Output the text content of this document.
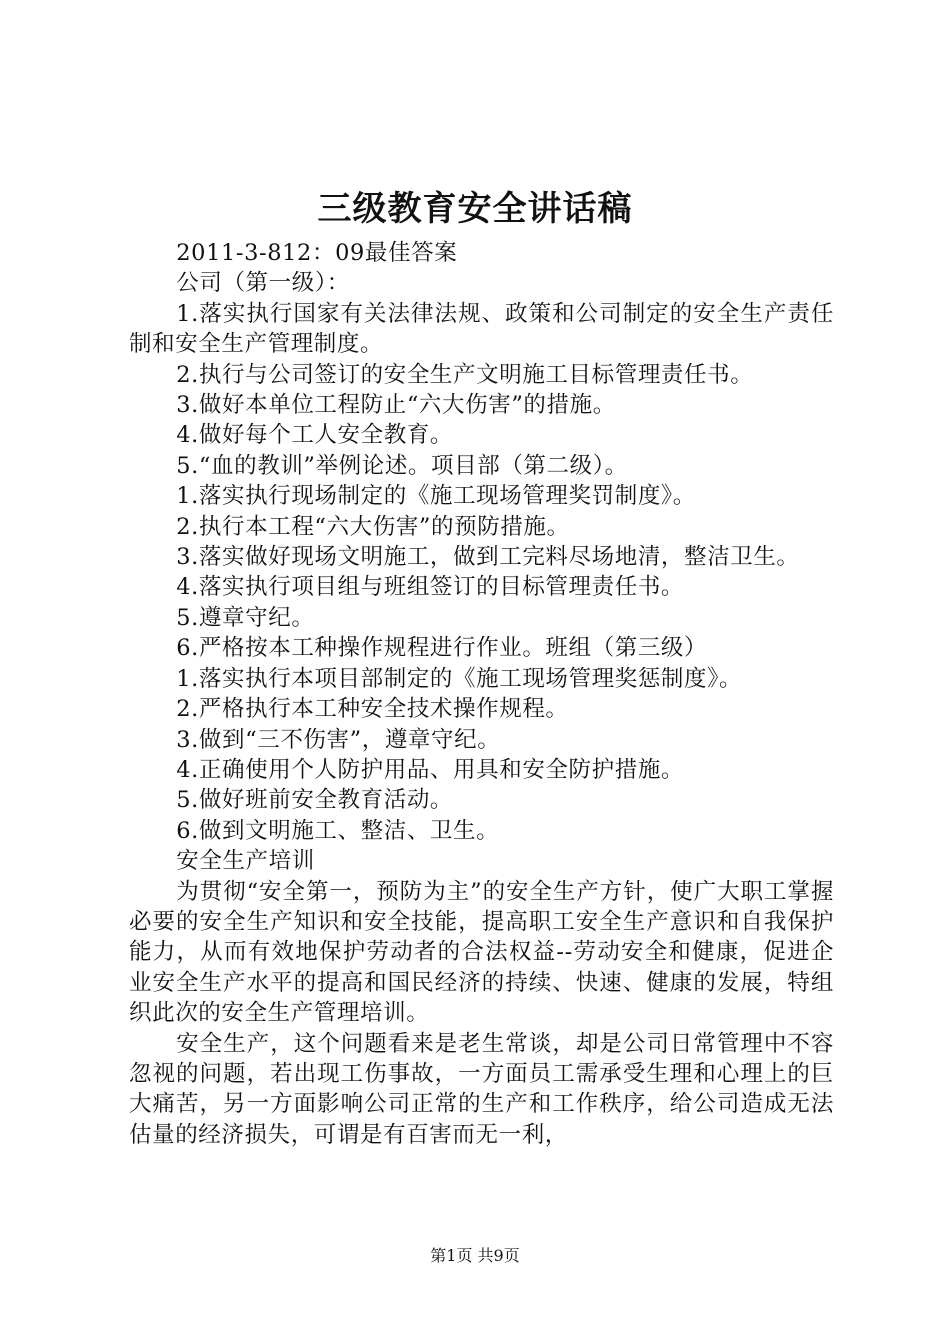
三级教育安全讲话稿

2011-3-812：09最佳答案

公司（第一级）：

1.落实执行国家有关法律法规、政策和公司制定的安全生产责任制和安全生产管理制度。

2.执行与公司签订的安全生产文明施工目标管理责任书。

3.做好本单位工程防止“六大伤害”的措施。

4.做好每个工人安全教育。

5.“血的教训”举例论述。项目部（第二级）。

1.落实执行现场制定的《施工现场管理奖罚制度》。

2.执行本工程“六大伤害”的预防措施。

3.落实做好现场文明施工，做到工完料尽场地清，整洁卫生。

4.落实执行项目组与班组签订的目标管理责任书。

5.遵章守纪。

6.严格按本工种操作规程进行作业。班组（第三级）

1.落实执行本项目部制定的《施工现场管理奖惩制度》。

2.严格执行本工种安全技术操作规程。

3.做到“三不伤害”，遵章守纪。

4.正确使用个人防护用品、用具和安全防护措施。

5.做好班前安全教育活动。

6.做到文明施工、整洁、卫生。

安全生产培训

为贯彻“安全第一，预防为主”的安全生产方针，使广大职工掌握必要的安全生产知识和安全技能，提高职工安全生产意识和自我保护能力，从而有效地保护劳动者的合法权益--劳动安全和健康，促进企业安全生产水平的提高和国民经济的持续、快速、健康的发展，特组织此次的安全生产管理培训。

安全生产，这个问题看来是老生常谈，却是公司日常管理中不容忽视的问题，若出现工伤事故，一方面员工需承受生理和心理上的巨大痛苦，另一方面影响公司正常的生产和工作秩序，给公司造成无法估量的经济损失，可谓是有百害而无一利，

第1页 共9页
